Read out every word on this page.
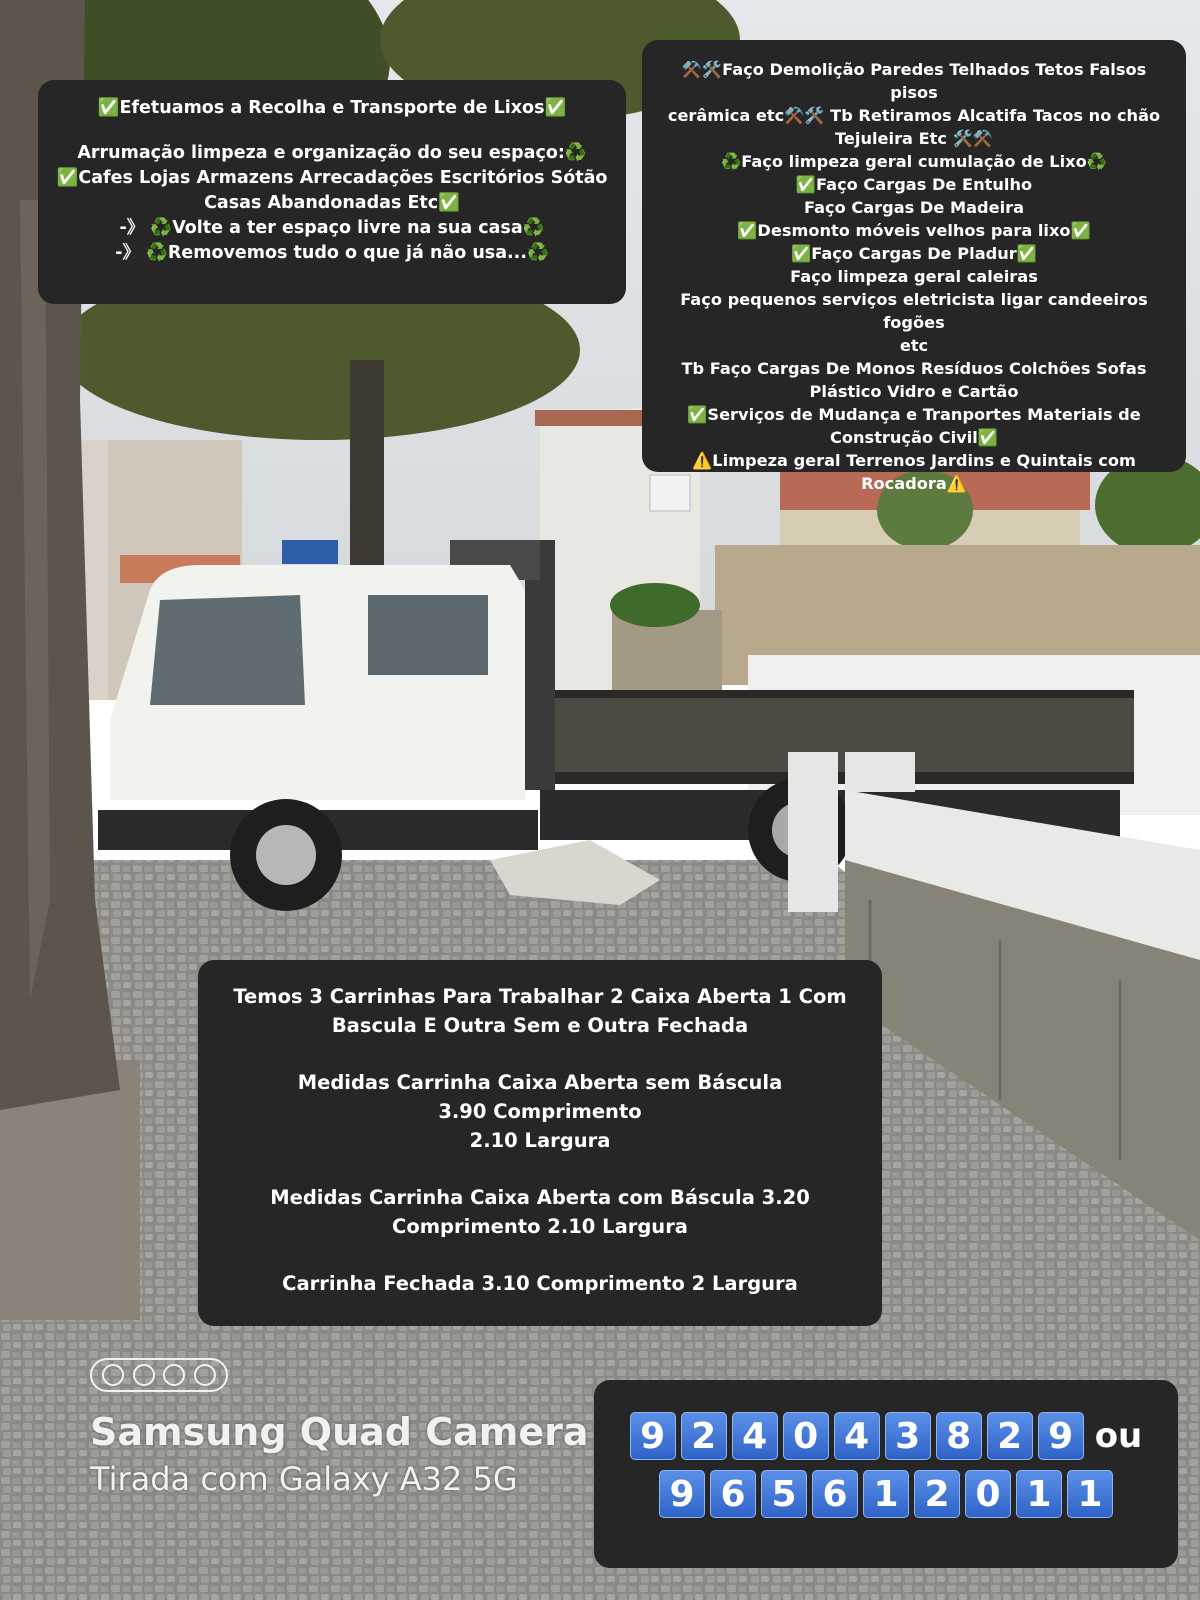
✅Efetuamos a Recolha e Transporte de Lixos✅

Arrumação limpeza e organização do seu espaço:♻️

✅Cafes Lojas Armazens Arrecadações Escritórios Sótão

Casas Abandonadas Etc✅

-》 ♻️Volte a ter espaço livre na sua casa♻️

-》 ♻️Removemos tudo o que já não usa...♻️

⚒️🛠️Faço Demolição Paredes Telhados Tetos Falsos pisos

cerâmica etc⚒️🛠️ Tb Retiramos Alcatifa Tacos no chão

Tejuleira Etc 🛠️⚒️

♻️Faço limpeza geral cumulação de Lixo♻️

✅Faço Cargas De Entulho

Faço Cargas De Madeira

✅Desmonto móveis velhos para lixo✅

✅Faço Cargas De Pladur✅

Faço limpeza geral caleiras

Faço pequenos serviços eletricista ligar candeeiros fogões

etc

Tb Faço Cargas De Monos Resíduos Colchões Sofas

Plástico Vidro e Cartão

✅Serviços de Mudança e Tranportes Materiais de

Construção Civil✅

⚠️Limpeza geral Terrenos Jardins e Quintais com

Rocadora⚠️

Temos 3 Carrinhas Para Trabalhar 2 Caixa Aberta 1 Com

Bascula E Outra Sem e Outra Fechada

Medidas Carrinha Caixa Aberta sem Báscula

3.90 Comprimento

2.10 Largura

Medidas Carrinha Caixa Aberta com Báscula 3.20

Comprimento 2.10 Largura

Carrinha Fechada 3.10 Comprimento 2 Largura

Samsung Quad Camera
Tirada com Galaxy A32 5G
9 2 4 0 4 3 8 2 9 ou
9 6 5 6 1 2 0 1 1
